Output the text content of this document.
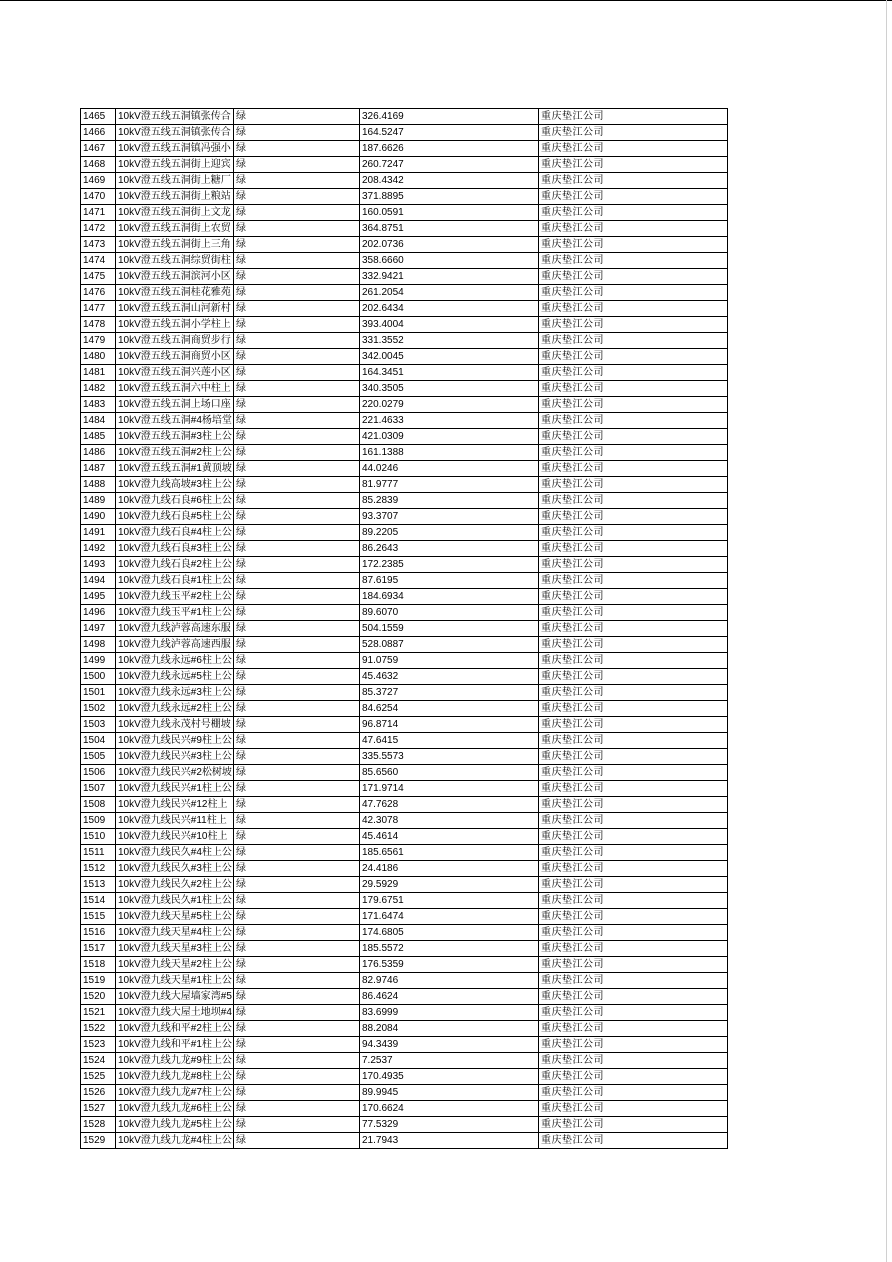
1465	10kV澄五线五洞镇张传合	绿	326.4169	重庆垫江公司
1466	10kV澄五线五洞镇张传合	绿	164.5247	重庆垫江公司
1467	10kV澄五线五洞镇冯强小	绿	187.6626	重庆垫江公司
1468	10kV澄五线五洞街上迎宾	绿	260.7247	重庆垫江公司
1469	10kV澄五线五洞街上糖厂	绿	208.4342	重庆垫江公司
1470	10kV澄五线五洞街上粮站	绿	371.8895	重庆垫江公司
1471	10kV澄五线五洞街上文龙	绿	160.0591	重庆垫江公司
1472	10kV澄五线五洞街上农贸	绿	364.8751	重庆垫江公司
1473	10kV澄五线五洞街上三角	绿	202.0736	重庆垫江公司
1474	10kV澄五线五洞综贸街柱	绿	358.6660	重庆垫江公司
1475	10kV澄五线五洞滨河小区	绿	332.9421	重庆垫江公司
1476	10kV澄五线五洞桂花雅苑	绿	261.2054	重庆垫江公司
1477	10kV澄五线五洞山河新村	绿	202.6434	重庆垫江公司
1478	10kV澄五线五洞小学柱上	绿	393.4004	重庆垫江公司
1479	10kV澄五线五洞商贸步行	绿	331.3552	重庆垫江公司
1480	10kV澄五线五洞商贸小区	绿	342.0045	重庆垫江公司
1481	10kV澄五线五洞兴莲小区	绿	164.3451	重庆垫江公司
1482	10kV澄五线五洞六中柱上	绿	340.3505	重庆垫江公司
1483	10kV澄五线五洞上场口座	绿	220.0279	重庆垫江公司
1484	10kV澄五线五洞#4杨培堂	绿	221.4633	重庆垫江公司
1485	10kV澄五线五洞#3柱上公	绿	421.0309	重庆垫江公司
1486	10kV澄五线五洞#2柱上公	绿	161.1388	重庆垫江公司
1487	10kV澄五线五洞#1黄顶坡	绿	44.0246	重庆垫江公司
1488	10kV澄九线高坡#3柱上公	绿	81.9777	重庆垫江公司
1489	10kV澄九线石良#6柱上公	绿	85.2839	重庆垫江公司
1490	10kV澄九线石良#5柱上公	绿	93.3707	重庆垫江公司
1491	10kV澄九线石良#4柱上公	绿	89.2205	重庆垫江公司
1492	10kV澄九线石良#3柱上公	绿	86.2643	重庆垫江公司
1493	10kV澄九线石良#2柱上公	绿	172.2385	重庆垫江公司
1494	10kV澄九线石良#1柱上公	绿	87.6195	重庆垫江公司
1495	10kV澄九线玉平#2柱上公	绿	184.6934	重庆垫江公司
1496	10kV澄九线玉平#1柱上公	绿	89.6070	重庆垫江公司
1497	10kV澄九线泸蓉高速东服	绿	504.1559	重庆垫江公司
1498	10kV澄九线泸蓉高速西服	绿	528.0887	重庆垫江公司
1499	10kV澄九线永远#6柱上公	绿	91.0759	重庆垫江公司
1500	10kV澄九线永远#5柱上公	绿	45.4632	重庆垫江公司
1501	10kV澄九线永远#3柱上公	绿	85.3727	重庆垫江公司
1502	10kV澄九线永远#2柱上公	绿	84.6254	重庆垫江公司
1503	10kV澄九线永茂村号棚坡	绿	96.8714	重庆垫江公司
1504	10kV澄九线民兴#9柱上公	绿	47.6415	重庆垫江公司
1505	10kV澄九线民兴#3柱上公	绿	335.5573	重庆垫江公司
1506	10kV澄九线民兴#2松树坡	绿	85.6560	重庆垫江公司
1507	10kV澄九线民兴#1柱上公	绿	171.9714	重庆垫江公司
1508	10kV澄九线民兴#12柱上	绿	47.7628	重庆垫江公司
1509	10kV澄九线民兴#11柱上	绿	42.3078	重庆垫江公司
1510	10kV澄九线民兴#10柱上	绿	45.4614	重庆垫江公司
1511	10kV澄九线民久#4柱上公	绿	185.6561	重庆垫江公司
1512	10kV澄九线民久#3柱上公	绿	24.4186	重庆垫江公司
1513	10kV澄九线民久#2柱上公	绿	29.5929	重庆垫江公司
1514	10kV澄九线民久#1柱上公	绿	179.6751	重庆垫江公司
1515	10kV澄九线天星#5柱上公	绿	171.6474	重庆垫江公司
1516	10kV澄九线天星#4柱上公	绿	174.6805	重庆垫江公司
1517	10kV澄九线天星#3柱上公	绿	185.5572	重庆垫江公司
1518	10kV澄九线天星#2柱上公	绿	176.5359	重庆垫江公司
1519	10kV澄九线天星#1柱上公	绿	82.9746	重庆垫江公司
1520	10kV澄九线大屋墙家湾#5	绿	86.4624	重庆垫江公司
1521	10kV澄九线大屋土地坝#4	绿	83.6999	重庆垫江公司
1522	10kV澄九线和平#2柱上公	绿	88.2084	重庆垫江公司
1523	10kV澄九线和平#1柱上公	绿	94.3439	重庆垫江公司
1524	10kV澄九线九龙#9柱上公	绿	7.2537	重庆垫江公司
1525	10kV澄九线九龙#8柱上公	绿	170.4935	重庆垫江公司
1526	10kV澄九线九龙#7柱上公	绿	89.9945	重庆垫江公司
1527	10kV澄九线九龙#6柱上公	绿	170.6624	重庆垫江公司
1528	10kV澄九线九龙#5柱上公	绿	77.5329	重庆垫江公司
1529	10kV澄九线九龙#4柱上公	绿	21.7943	重庆垫江公司
